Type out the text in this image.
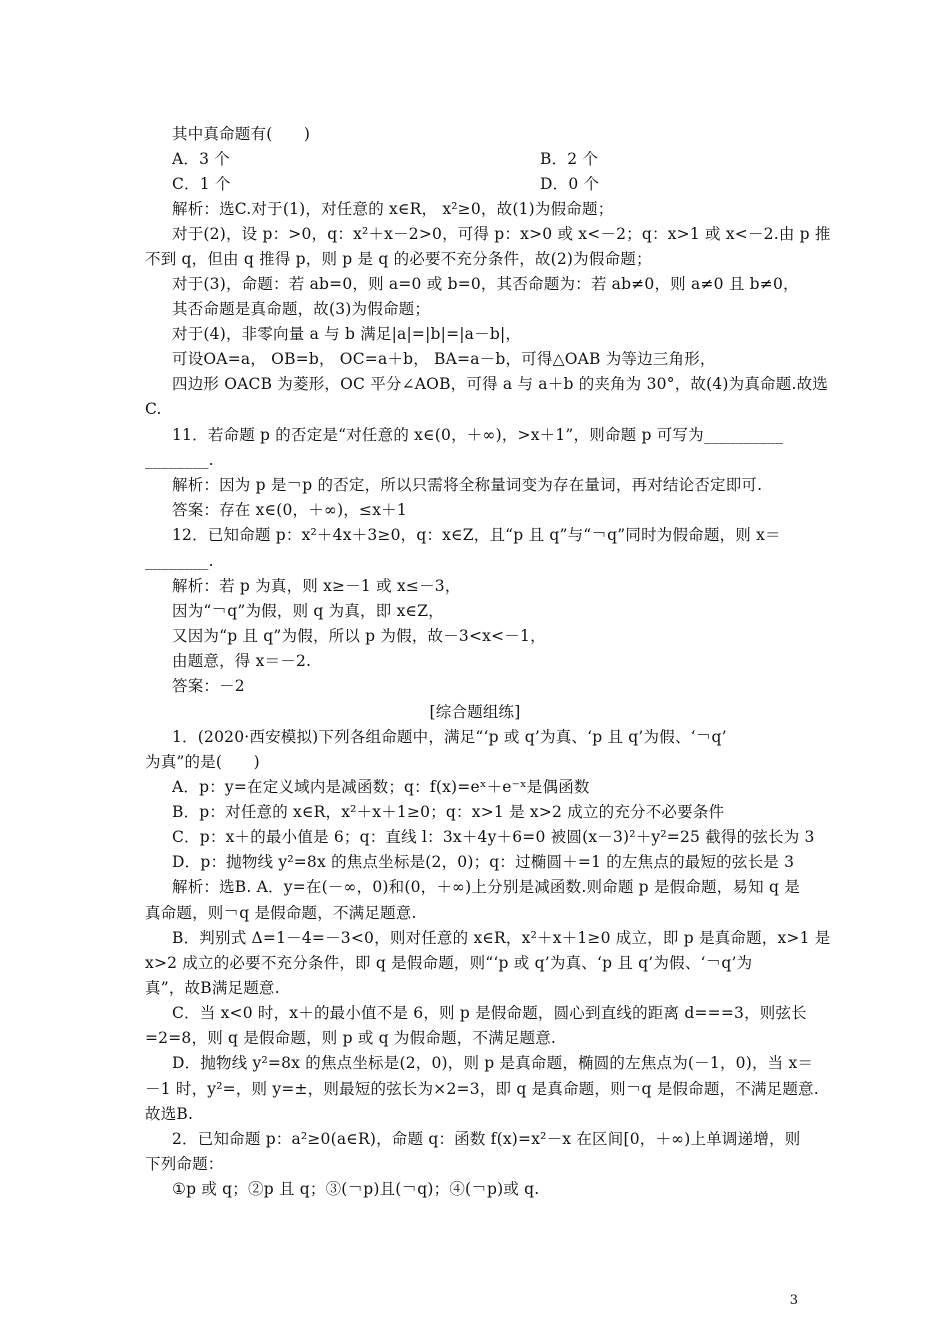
其中真命题有(　　)
A．3 个	B．2 个
C．1 个	D．0 个
解析：选C.对于(1)，对任意的 x∈R， x²≥0，故(1)为假命题；
对于(2)，设 p：>0，q：x²＋x－2>0，可得 p：x>0 或 x<－2；q：x>1 或 x<－2.由 p 推
不到 q，但由 q 推得 p，则 p 是 q 的必要不充分条件，故(2)为假命题；
对于(3)，命题：若 ab=0，则 a=0 或 b=0，其否命题为：若 ab≠0，则 a≠0 且 b≠0，
其否命题是真命题，故(3)为假命题；
对于(4)，非零向量 a 与 b 满足|a|=|b|=|a－b|，
可设OA=a， OB=b， OC=a＋b， BA=a－b，可得△OAB 为等边三角形，
四边形 OACB 为菱形，OC 平分∠AOB，可得 a 与 a＋b 的夹角为 30°，故(4)为真命题.故选
C.
11．若命题 p 的否定是“对任意的 x∈(0，＋∞)，>x＋1”，则命题 p 可写为__________
________.
解析：因为 p 是￢p 的否定，所以只需将全称量词变为存在量词，再对结论否定即可.
答案：存在 x∈(0，＋∞)，≤x＋1
12．已知命题 p：x²＋4x＋3≥0，q：x∈Z，且“p 且 q”与“￢q”同时为假命题，则 x＝
________.
解析：若 p 为真，则 x≥－1 或 x≤－3，
因为“￢q”为假，则 q 为真，即 x∈Z，
又因为“p 且 q”为假，所以 p 为假，故－3<x<－1，
由题意，得 x＝－2.
答案：－2
[综合题组练]
1．(2020·西安模拟)下列各组命题中，满足“‘p 或 q’为真、‘p 且 q’为假、‘￢q’
为真”的是(　　)
A．p：y=在定义域内是减函数；q：f(x)=eˣ＋e⁻ˣ是偶函数
B．p：对任意的 x∈R，x²＋x＋1≥0；q：x>1 是 x>2 成立的充分不必要条件
C．p：x＋的最小值是 6；q：直线 l：3x＋4y＋6=0 被圆(x－3)²＋y²=25 截得的弦长为 3
D．p：抛物线 y²=8x 的焦点坐标是(2，0)；q：过椭圆＋=1 的左焦点的最短的弦长是 3
解析：选B. A．y=在(－∞，0)和(0，＋∞)上分别是减函数.则命题 p 是假命题，易知 q 是
真命题，则￢q 是假命题，不满足题意.
B．判别式 Δ=1－4=－3<0，则对任意的 x∈R，x²＋x＋1≥0 成立，即 p 是真命题，x>1 是
x>2 成立的必要不充分条件，即 q 是假命题，则“‘p 或 q’为真、‘p 且 q’为假、‘￢q’为
真”，故B满足题意.
C．当 x<0 时，x＋的最小值不是 6，则 p 是假命题，圆心到直线的距离 d===3，则弦长
=2=8，则 q 是假命题，则 p 或 q 为假命题，不满足题意.
D．抛物线 y²=8x 的焦点坐标是(2，0)，则 p 是真命题，椭圆的左焦点为(－1，0)，当 x＝
－1 时，y²=，则 y=±，则最短的弦长为×2=3，即 q 是真命题，则￢q 是假命题，不满足题意.
故选B.
2．已知命题 p：a²≥0(a∈R)，命题 q：函数 f(x)=x²－x 在区间[0，＋∞)上单调递增，则
下列命题：
①p 或 q；②p 且 q；③(￢p)且(￢q)；④(￢p)或 q.
3
